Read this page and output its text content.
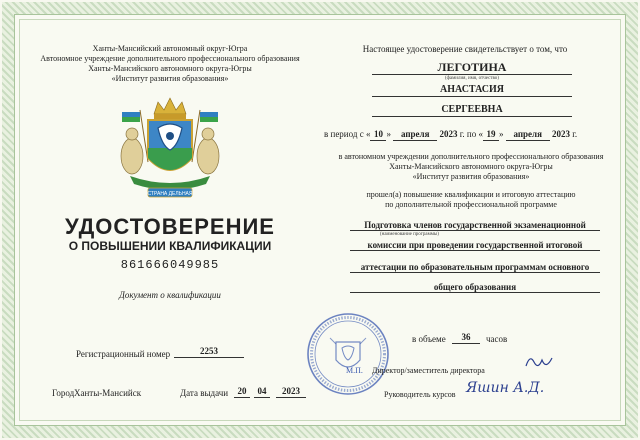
Ханты-Мансийский автономный округ-Югра
Автономное учреждение дополнительного профессионального образования
Ханты-Мансийского автономного округа-Югры
«Институт развития образования»
СТРАНА ДЕЛЬНАЯ
УДОСТОВЕРЕНИЕ
О ПОВЫШЕНИИ КВАЛИФИКАЦИИ
861666049985
Документ о квалификации
Регистрационный номер	2253
Город Ханты-Мансийск	Дата выдачи	20	04	2023
Настоящее удостоверение свидетельствует о том, что
ЛЕГОТИНА
(фамилия, имя, отчество)
АНАСТАСИЯ
СЕРГЕЕВНА
в период с « 10 » апреля 2023 г. по « 19 » апреля 2023 г.
в автономном учреждении дополнительного профессионального образования
Ханты-Мансийского автономного округа-Югры
«Институт развития образования»
прошел(а) повышение квалификации и итоговую аттестацию
по дополнительной профессиональной программе
Подготовка членов государственной экзаменационной
(наименование программы)
комиссии при проведении государственной итоговой
аттестации по образовательным программам основного
общего образования
в объеме	36	часов
Директор/заместитель директора
М.П.
Руководитель курсов Яшин А.Д.
